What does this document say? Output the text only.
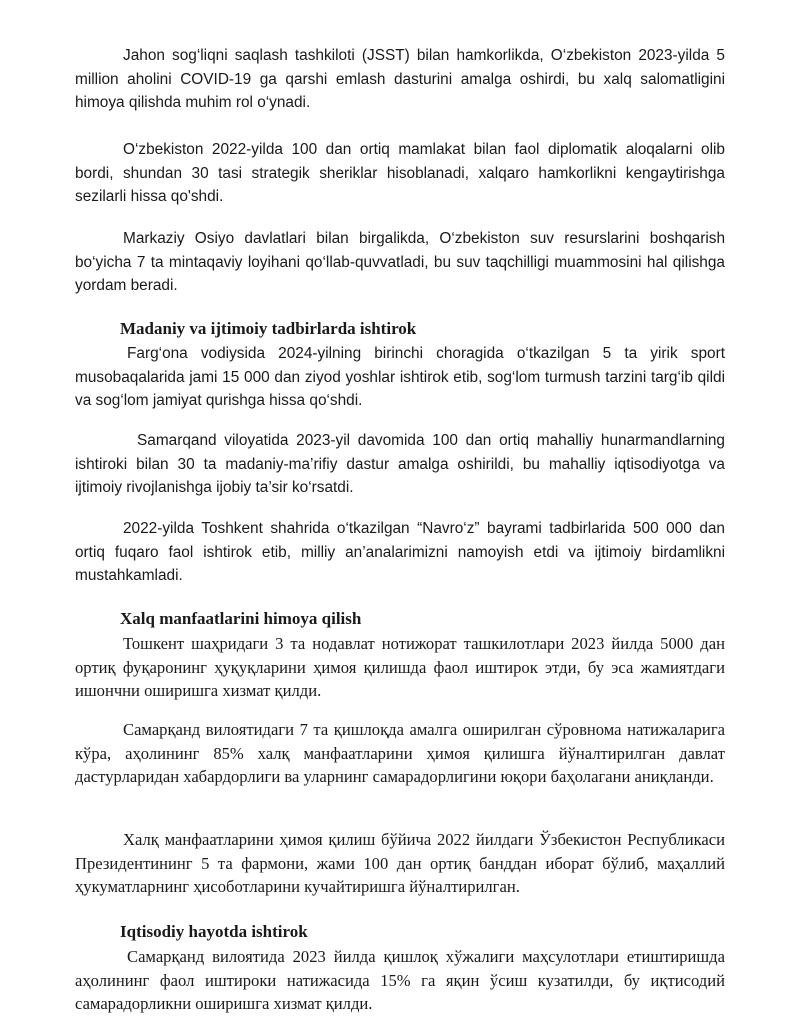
Jahon sog‘liqni saqlash tashkiloti (JSST) bilan hamkorlikda, O‘zbekiston 2023-yilda 5 million aholini COVID-19 ga qarshi emlash dasturini amalga oshirdi, bu xalq salomatligini himoya qilishda muhim rol o‘ynadi.

O‘zbekiston 2022-yilda 100 dan ortiq mamlakat bilan faol diplomatik aloqalarni olib bordi, shundan 30 tasi strategik sheriklar hisoblanadi, xalqaro hamkorlikni kengaytirishga sezilarli hissa qo'shdi.

Markaziy Osiyo davlatlari bilan birgalikda, O‘zbekiston suv resurslarini boshqarish bo‘yicha 7 ta mintaqaviy loyihani qo‘llab-quvvatladi, bu suv taqchilligi muammosini hal qilishga yordam beradi.

Madaniy va ijtimoiy tadbirlarda ishtirok

Farg‘ona vodiysida 2024-yilning birinchi choragida o‘tkazilgan 5 ta yirik sport musobaqalarida jami 15 000 dan ziyod yoshlar ishtirok etib, sog‘lom turmush tarzini targ‘ib qildi va sog‘lom jamiyat qurishga hissa qo‘shdi.

Samarqand viloyatida 2023-yil davomida 100 dan ortiq mahalliy hunarmandlarning ishtiroki bilan 30 ta madaniy-ma’rifiy dastur amalga oshirildi, bu mahalliy iqtisodiyotga va ijtimoiy rivojlanishga ijobiy ta’sir ko‘rsatdi.

2022-yilda Toshkent shahrida o‘tkazilgan “Navro‘z” bayrami tadbirlarida 500 000 dan ortiq fuqaro faol ishtirok etib, milliy an’analarimizni namoyish etdi va ijtimoiy birdamlikni mustahkamladi.

Xalq manfaatlarini himoya qilish

Тошкент шаҳридаги 3 та нодавлат нотижорат ташкилотлари 2023 йилда 5000 дан ортиқ фуқаронинг ҳуқуқларини ҳимоя қилишда фаол иштирок этди, бу эса жамиятдаги ишончни оширишга хизмат қилди.

Самарқанд вилоятидаги 7 та қишлоқда амалга оширилган сўровнома натижаларига кўра, аҳолининг 85% халқ манфаатларини ҳимоя қилишга йўналтирилган давлат дастурларидан хабардорлиги ва уларнинг самарадорлигини юқори баҳолагани аниқланди.

Халқ манфаатларини ҳимоя қилиш бўйича 2022 йилдаги Ўзбекистон Республикаси Президентининг 5 та фармони, жами 100 дан ортиқ банддан иборат бўлиб, маҳаллий ҳукуматларнинг ҳисоботларини кучайтиришга йўналтирилган.

Iqtisodiy hayotda ishtirok

Самарқанд вилоятида 2023 йилда қишлоқ хўжалиги маҳсулотлари етиштиришда аҳолининг фаол иштироки натижасида 15% га яқин ўсиш кузатилди, бу иқтисодий самарадорликни оширишга хизмат қилди.
